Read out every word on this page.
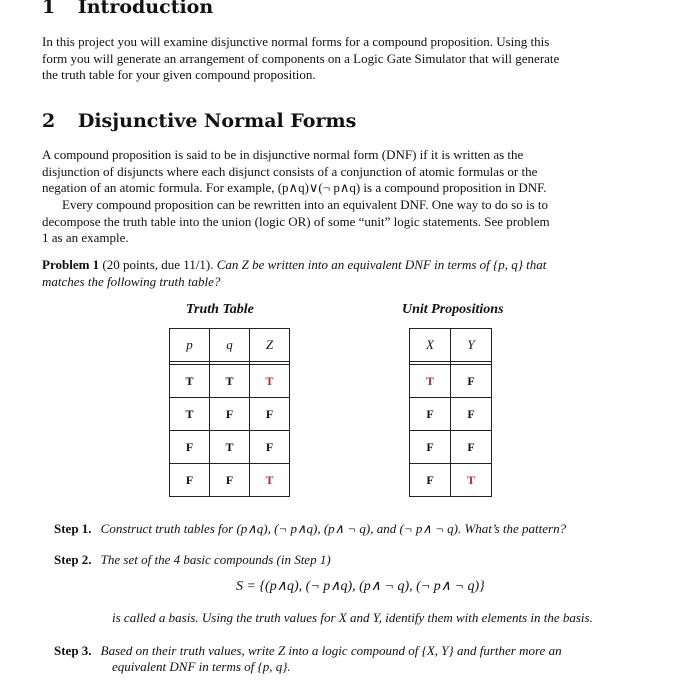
1 Introduction
In this project you will examine disjunctive normal forms for a compound proposition. Using this
form you will generate an arrangement of components on a Logic Gate Simulator that will generate
the truth table for your given compound proposition.
2 Disjunctive Normal Forms
A compound proposition is said to be in disjunctive normal form (DNF) if it is written as the
disjunction of disjuncts where each disjunct consists of a conjunction of atomic formulas or the
negation of an atomic formula. For example, (p∧q)∨(¬ p∧q) is a compound proposition in DNF.
Every compound proposition can be rewritten into an equivalent DNF. One way to do so is to
decompose the truth table into the union (logic OR) of some “unit” logic statements. See problem
1 as an example.
Problem 1 (20 points, due 11/1). Can Z be written into an equivalent DNF in terms of {p, q} that
matches the following truth table?
Truth Table
p	q	Z

T	T	T
T	F	F
F	T	F
F	F	T
Unit Propositions
X	Y

T	F
F	F
F	F
F	T
Step 1. Construct truth tables for (p∧q), (¬ p∧q), (p∧ ¬ q), and (¬ p∧ ¬ q). What’s the pattern?
Step 2. The set of the 4 basic compounds (in Step 1)
S = {(p∧q), (¬ p∧q), (p∧ ¬ q), (¬ p∧ ¬ q)}
is called a basis. Using the truth values for X and Y, identify them with elements in the basis.
Step 3. Based on their truth values, write Z into a logic compound of {X, Y} and further more an
equivalent DNF in terms of {p, q}.
